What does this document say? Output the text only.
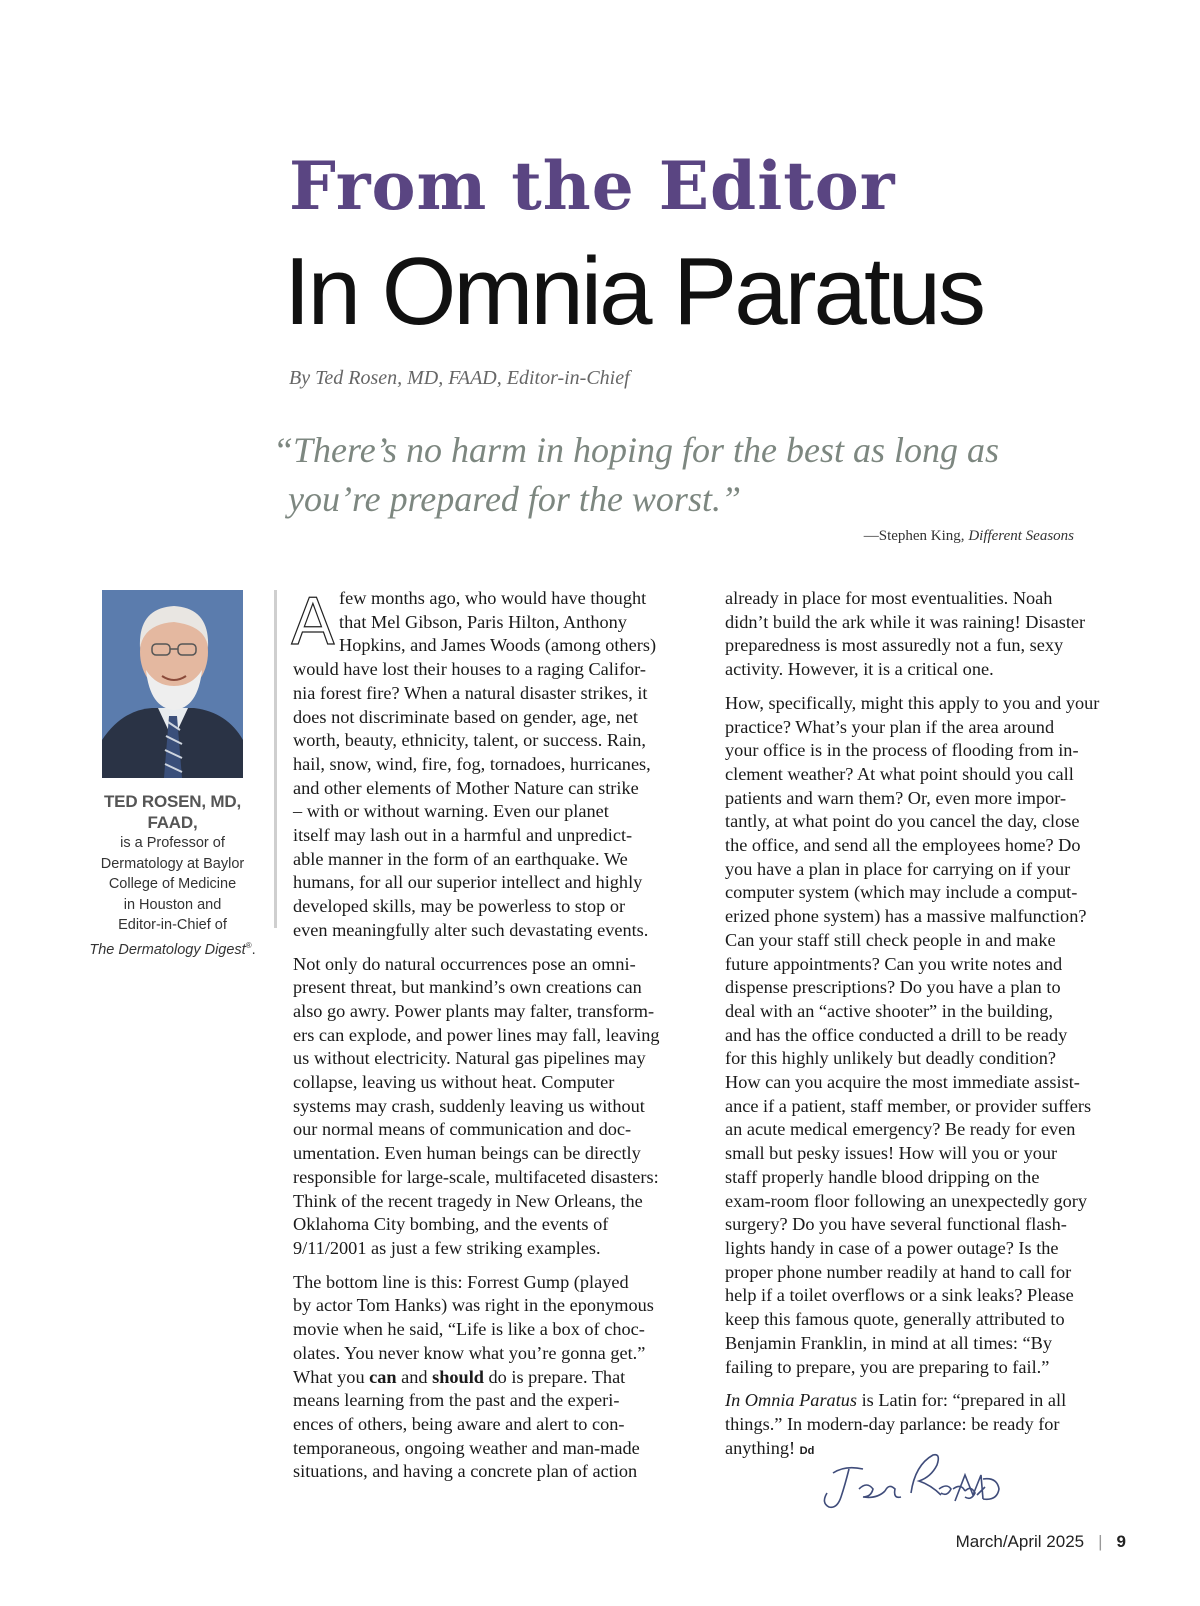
From the Editor
In Omnia Paratus
By Ted Rosen, MD, FAAD, Editor-in-Chief
“There’s no harm in hoping for the best as long as
you’re prepared for the worst.”
—Stephen King, Different Seasons
TED ROSEN, MD, FAAD,
is a Professor of
Dermatology at Baylor
College of Medicine
in Houston and
Editor-in-Chief of
The Dermatology Digest®.

A few months ago, who would have thought
that Mel Gibson, Paris Hilton, Anthony
Hopkins, and James Woods (among others)
would have lost their houses to a raging Califor-
nia forest fire? When a natural disaster strikes, it
does not discriminate based on gender, age, net
worth, beauty, ethnicity, talent, or success. Rain,
hail, snow, wind, fire, fog, tornadoes, hurricanes,
and other elements of Mother Nature can strike
– with or without warning. Even our planet
itself may lash out in a harmful and unpredict-
able manner in the form of an earthquake. We
humans, for all our superior intellect and highly
developed skills, may be powerless to stop or
even meaningfully alter such devastating events.

Not only do natural occurrences pose an omni-
present threat, but mankind’s own creations can
also go awry. Power plants may falter, transform-
ers can explode, and power lines may fall, leaving
us without electricity. Natural gas pipelines may
collapse, leaving us without heat. Computer
systems may crash, suddenly leaving us without
our normal means of communication and doc-
umentation. Even human beings can be directly
responsible for large-scale, multifaceted disasters:
Think of the recent tragedy in New Orleans, the
Oklahoma City bombing, and the events of
9/11/2001 as just a few striking examples.

The bottom line is this: Forrest Gump (played
by actor Tom Hanks) was right in the eponymous
movie when he said, “Life is like a box of choc-
olates. You never know what you’re gonna get.”
What you can and should do is prepare. That
means learning from the past and the experi-
ences of others, being aware and alert to con-
temporaneous, ongoing weather and man-made
situations, and having a concrete plan of action

already in place for most eventualities. Noah
didn’t build the ark while it was raining! Disaster
preparedness is most assuredly not a fun, sexy
activity. However, it is a critical one.

How, specifically, might this apply to you and your
practice? What’s your plan if the area around
your office is in the process of flooding from in-
clement weather? At what point should you call
patients and warn them? Or, even more impor-
tantly, at what point do you cancel the day, close
the office, and send all the employees home? Do
you have a plan in place for carrying on if your
computer system (which may include a comput-
erized phone system) has a massive malfunction?
Can your staff still check people in and make
future appointments? Can you write notes and
dispense prescriptions? Do you have a plan to
deal with an “active shooter” in the building,
and has the office conducted a drill to be ready
for this highly unlikely but deadly condition?
How can you acquire the most immediate assist-
ance if a patient, staff member, or provider suffers
an acute medical emergency? Be ready for even
small but pesky issues! How will you or your
staff properly handle blood dripping on the
exam-room floor following an unexpectedly gory
surgery? Do you have several functional flash-
lights handy in case of a power outage? Is the
proper phone number readily at hand to call for
help if a toilet overflows or a sink leaks? Please
keep this famous quote, generally attributed to
Benjamin Franklin, in mind at all times: “By
failing to prepare, you are preparing to fail.”

In Omnia Paratus is Latin for: “prepared in all
things.” In modern-day parlance: be ready for
anything! Dd

March/April 2025 | 9
